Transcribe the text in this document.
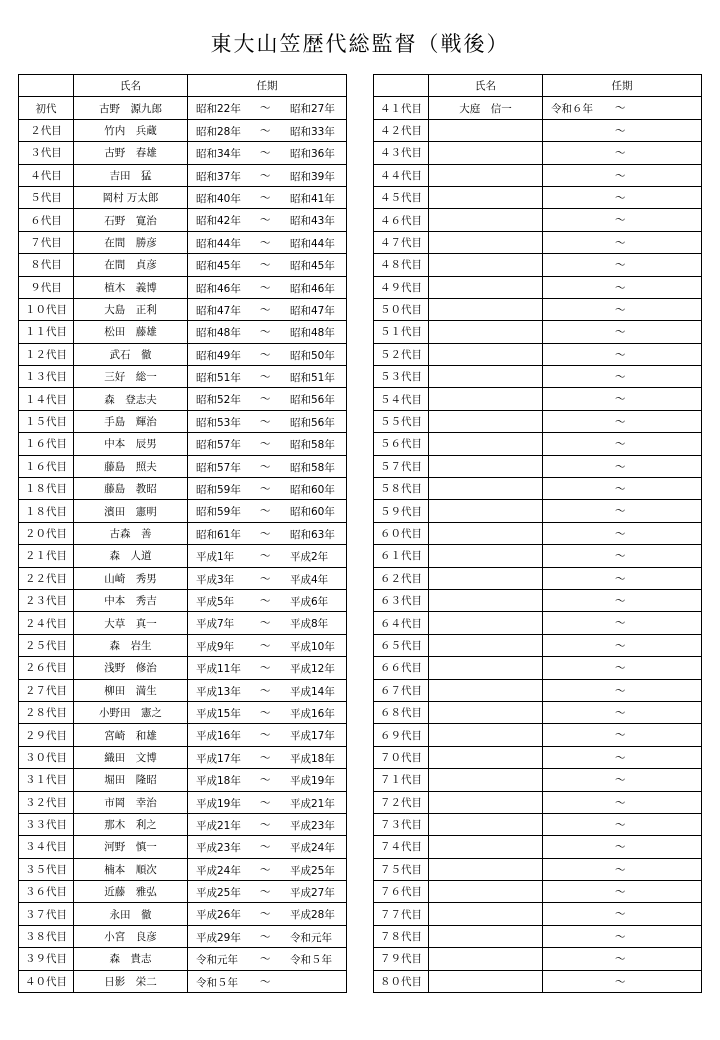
東大山笠歴代総監督（戦後）
	氏名	任期
初代	古野　源九郎	昭和22年 ～ 昭和27年

２代目	竹内　兵蔵	昭和28年 ～ 昭和33年

３代目	古野　春雄	昭和34年 ～ 昭和36年

４代目	吉田　猛	昭和37年 ～ 昭和39年

５代目	岡村 万太郎	昭和40年 ～ 昭和41年

６代目	石野　寛治	昭和42年 ～ 昭和43年

７代目	在間　勝彦	昭和44年 ～ 昭和44年

８代目	在間　貞彦	昭和45年 ～ 昭和45年

９代目	植木　義博	昭和46年 ～ 昭和46年

１０代目	大島　正利	昭和47年 ～ 昭和47年

１１代目	松田　藤雄	昭和48年 ～ 昭和48年

１２代目	武石　徹	昭和49年 ～ 昭和50年

１３代目	三好　総一	昭和51年 ～ 昭和51年

１４代目	森　登志夫	昭和52年 ～ 昭和56年

１５代目	手島　輝治	昭和53年 ～ 昭和56年

１６代目	中本　辰男	昭和57年 ～ 昭和58年

１６代目	藤島　照夫	昭和57年 ～ 昭和58年

１８代目	藤島　教昭	昭和59年 ～ 昭和60年

１８代目	濱田　憲明	昭和59年 ～ 昭和60年

２０代目	古森　善	昭和61年 ～ 昭和63年

２１代目	森　人道	平成1年 ～ 平成2年

２２代目	山崎　秀男	平成3年 ～ 平成4年

２３代目	中本　秀吉	平成5年 ～ 平成6年

２４代目	大草　真一	平成7年 ～ 平成8年

２５代目	森　岩生	平成9年 ～ 平成10年

２６代目	浅野　修治	平成11年 ～ 平成12年

２７代目	柳田　満生	平成13年 ～ 平成14年

２８代目	小野田　憲之	平成15年 ～ 平成16年

２９代目	宮崎　和雄	平成16年 ～ 平成17年

３０代目	織田　文博	平成17年 ～ 平成18年

３１代目	堀田　隆昭	平成18年 ～ 平成19年

３２代目	市岡　幸治	平成19年 ～ 平成21年

３３代目	那木　利之	平成21年 ～ 平成23年

３４代目	河野　慎一	平成23年 ～ 平成24年

３５代目	楠本　順次	平成24年 ～ 平成25年

３６代目	近藤　雅弘	平成25年 ～ 平成27年

３７代目	永田　徹	平成26年 ～ 平成28年

３８代目	小宮　良彦	平成29年 ～ 令和元年

３９代目	森　貴志	令和元年 ～ 令和５年

４０代目	日影　栄二	令和５年 ～
	氏名	任期
４１代目	大庭　信一	令和６年 ～

４２代目		～

４３代目		～

４４代目		～

４５代目		～

４６代目		～

４７代目		～

４８代目		～

４９代目		～

５０代目		～

５１代目		～

５２代目		～

５３代目		～

５４代目		～

５５代目		～

５６代目		～

５７代目		～

５８代目		～

５９代目		～

６０代目		～

６１代目		～

６２代目		～

６３代目		～

６４代目		～

６５代目		～

６６代目		～

６７代目		～

６８代目		～

６９代目		～

７０代目		～

７１代目		～

７２代目		～

７３代目		～

７４代目		～

７５代目		～

７６代目		～

７７代目		～

７８代目		～

７９代目		～

８０代目		～
